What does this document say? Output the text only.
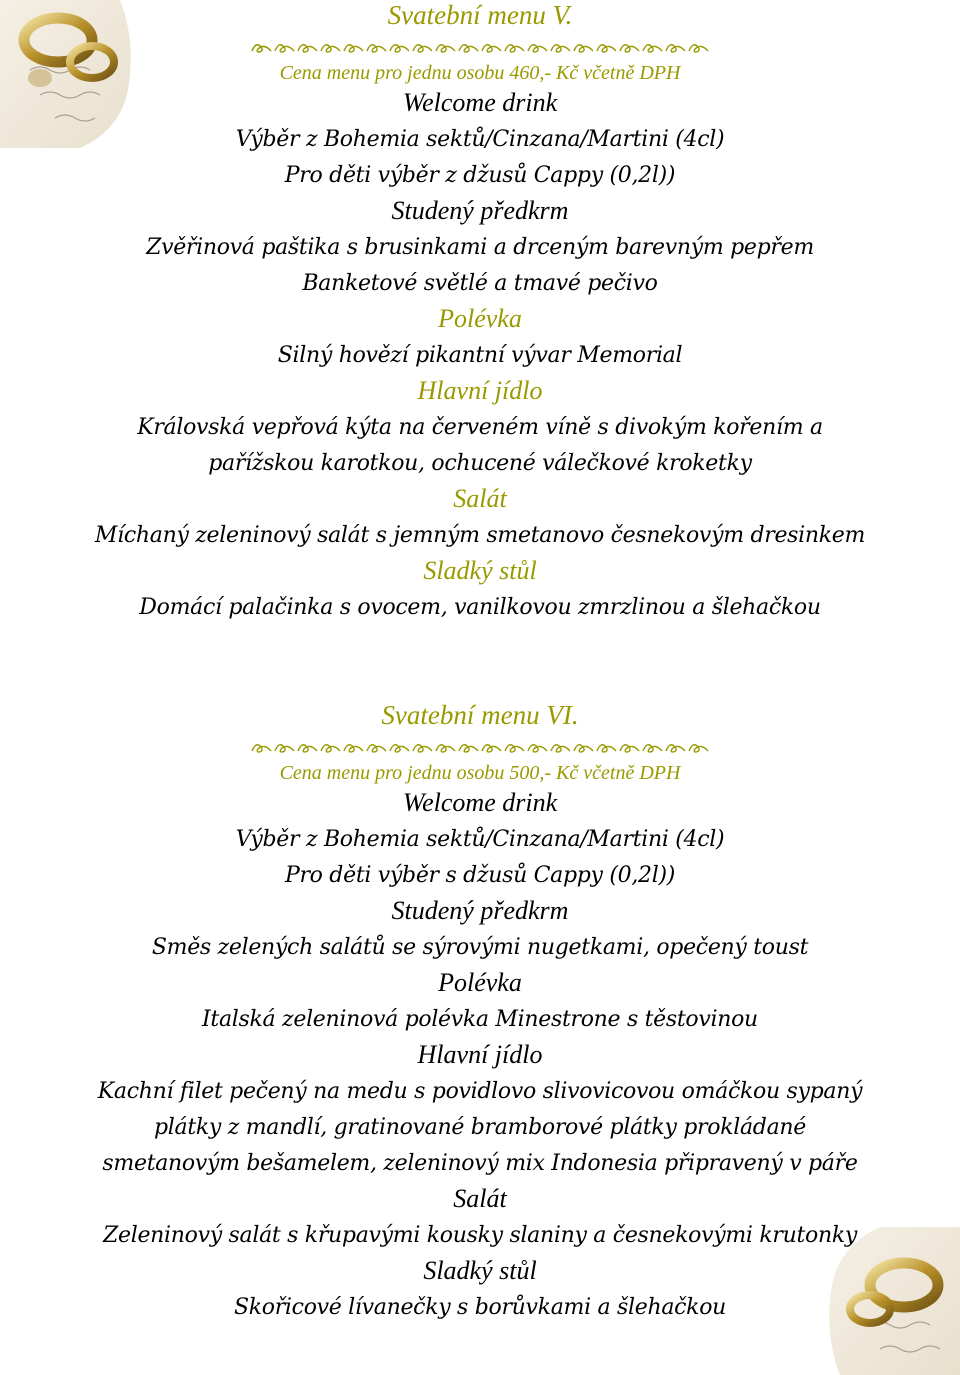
Svatební menu V.
Cena menu pro jednu osobu 460,- Kč včetně DPH
Welcome drink
Výběr z Bohemia sektů/Cinzana/Martini (4cl)
Pro děti výběr z džusů Cappy (0,2l))
Studený předkrm
Zvěřinová paštika s brusinkami a drceným barevným pepřem
Banketové světlé a tmavé pečivo
Polévka
Silný hovězí pikantní vývar Memorial
Hlavní jídlo
Královská vepřová kýta na červeném víně s divokým kořením a
pařížskou karotkou, ochucené válečkové kroketky
Salát
Míchaný zeleninový salát s jemným smetanovo česnekovým dresinkem
Sladký stůl
Domácí palačinka s ovocem, vanilkovou zmrzlinou a šlehačkou
Svatební menu VI.
Cena menu pro jednu osobu 500,- Kč včetně DPH
Welcome drink
Výběr z Bohemia sektů/Cinzana/Martini (4cl)
Pro děti výběr s džusů Cappy (0,2l))
Studený předkrm
Směs zelených salátů se sýrovými nugetkami, opečený toust
Polévka
Italská zeleninová polévka Minestrone s těstovinou
Hlavní jídlo
Kachní filet pečený na medu s povidlovo slivovicovou omáčkou sypaný
plátky z mandlí, gratinované bramborové plátky prokládané
smetanovým bešamelem, zeleninový mix Indonesia připravený v páře
Salát
Zeleninový salát s křupavými kousky slaniny a česnekovými krutonky
Sladký stůl
Skořicové lívanečky s borůvkami a šlehačkou
